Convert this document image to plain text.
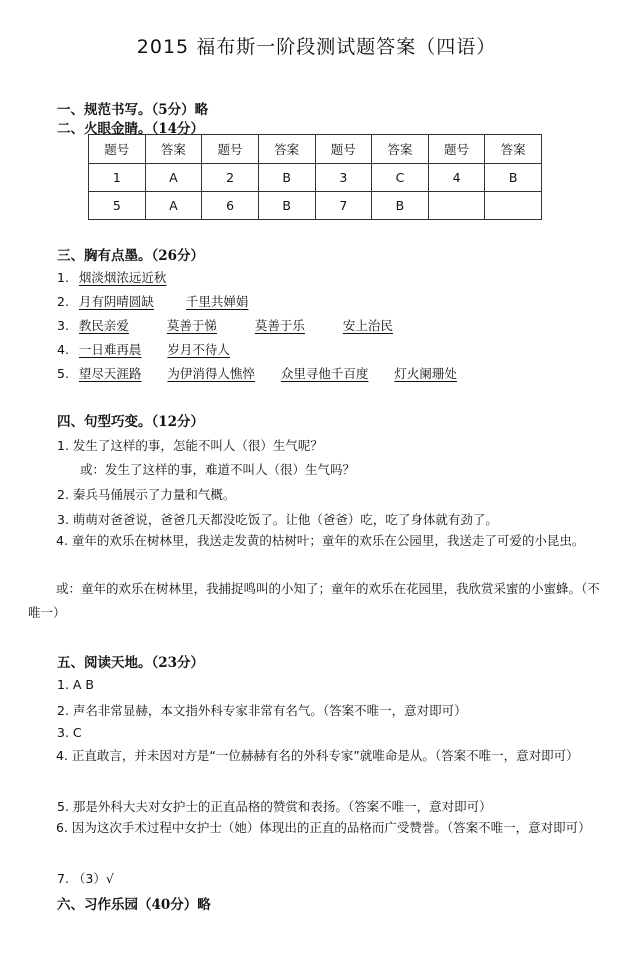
2015 福布斯一阶段测试题答案（四语）
一、规范书写。（5分）略
二、火眼金睛。（14分）
题号	答案	题号	答案	题号	答案	题号	答案
1	A	2	B	3	C	4	B
5	A	6	B	7	B		
三、胸有点墨。（26分）
1. 烟淡烟浓远近秋
2. 月有阴晴圆缺	千里共婵娟
3. 教民亲爱	莫善于悌	莫善于乐	安上治民
4. 一日难再晨 岁月不待人
5. 望尽天涯路 为伊消得人憔悴 众里寻他千百度 灯火阑珊处
四、句型巧变。（12分）
1. 发生了这样的事，怎能不叫人（很）生气呢？
或：发生了这样的事，难道不叫人（很）生气吗？
2. 秦兵马俑展示了力量和气概。
3. 萌萌对爸爸说，爸爸几天都没吃饭了。让他（爸爸）吃，吃了身体就有劲了。
4. 童年的欢乐在树林里，我送走发黄的枯树叶；童年的欢乐在公园里，我送走了可爱的小昆虫。
或：童年的欢乐在树林里，我捕捉鸣叫的小知了；童年的欢乐在花园里，我欣赏采蜜的小蜜蜂。（不唯一）
五、阅读天地。（23分）
1. A B
2. 声名非常显赫，本文指外科专家非常有名气。（答案不唯一，意对即可）
3. C
4. 正直敢言，并未因对方是“一位赫赫有名的外科专家”就唯命是从。（答案不唯一，意对即可）
5. 那是外科大夫对女护士的正直品格的赞赏和表扬。（答案不唯一，意对即可）
6. 因为这次手术过程中女护士（她）体现出的正直的品格而广受赞誉。（答案不唯一，意对即可）
7. （3）√
六、习作乐园（40分）略
